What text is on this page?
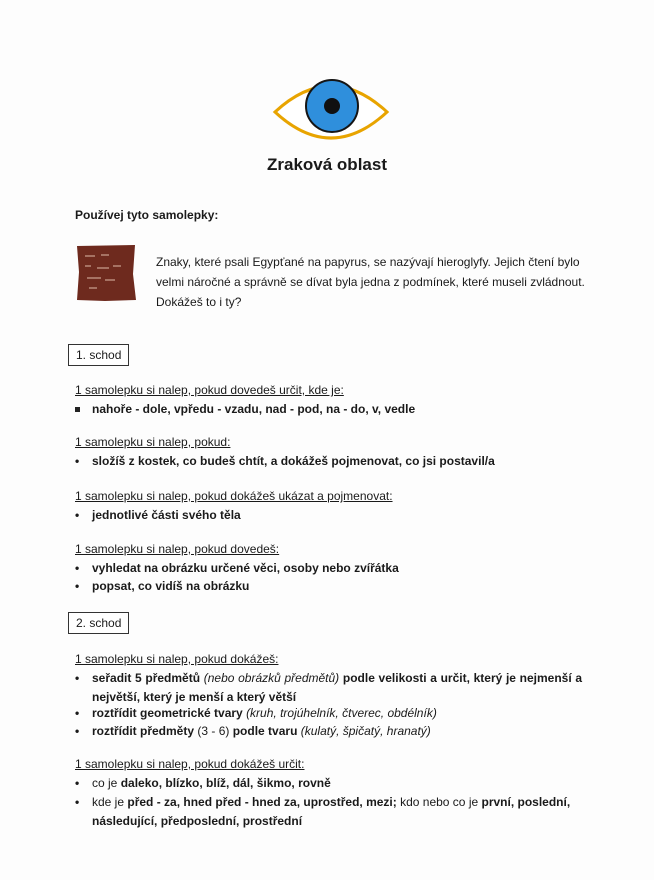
Zraková oblast
Používej tyto samolepky:
Znaky, které psali Egypťané na papyrus, se nazývají hieroglyfy. Jejich čtení bylo velmi náročné a správně se dívat byla jedna z podmínek, které museli zvládnout. Dokážeš to i ty?
1. schod
1 samolepku si nalep, pokud dovedeš určit, kde je:
nahoře - dole, vpředu - vzadu, nad - pod, na - do, v, vedle
1 samolepku si nalep, pokud:
• složíš z kostek, co budeš chtít, a dokážeš pojmenovat, co jsi postavil/a
1 samolepku si nalep, pokud dokážeš ukázat a pojmenovat:
• jednotlivé části svého těla
1 samolepku si nalep, pokud dovedeš:
• vyhledat na obrázku určené věci, osoby nebo zvířátka
• popsat, co vidíš na obrázku
2. schod
1 samolepku si nalep, pokud dokážeš:
• seřadit 5 předmětů (nebo obrázků předmětů) podle velikosti a určit, který je nejmenší a největší, který je menší a který větší
• roztřídit geometrické tvary (kruh, trojúhelník, čtverec, obdélník)
• roztřídit předměty (3 - 6) podle tvaru (kulatý, špičatý, hranatý)
1 samolepku si nalep, pokud dokážeš určit:
• co je daleko, blízko, blíž, dál, šikmo, rovně
• kde je před - za, hned před - hned za, uprostřed, mezi; kdo nebo co je první, poslední, následující, předposlední, prostřední
